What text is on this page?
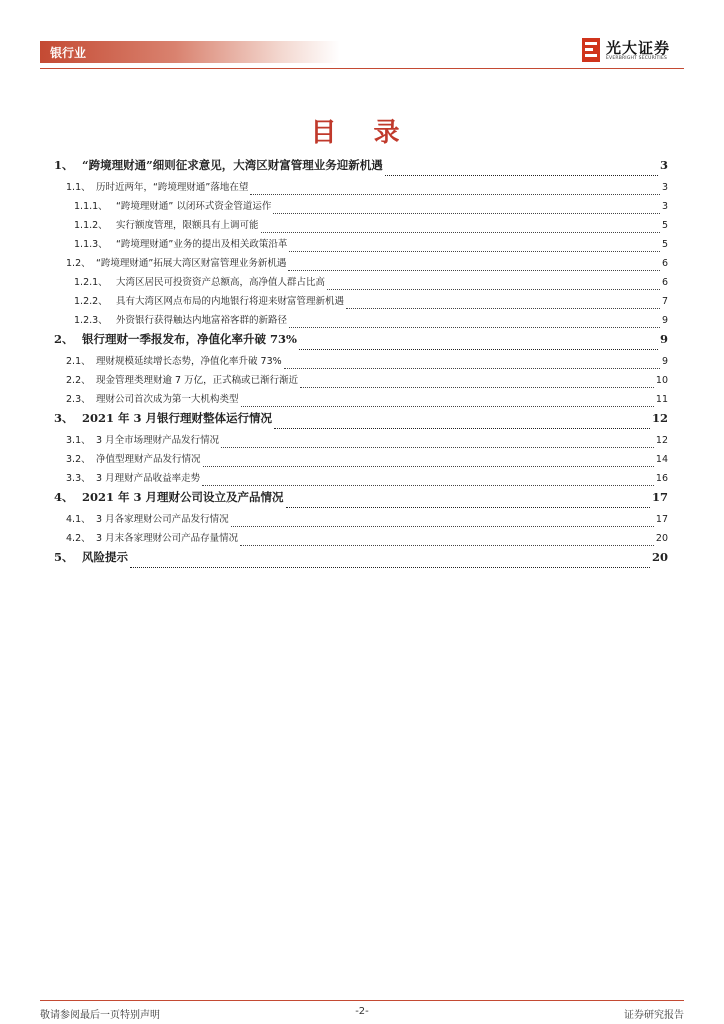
银行业	光大证券
EVERBRIGHT SECURITIES
目 录
1、 “跨境理财通”细则征求意见，大湾区财富管理业务迎新机遇	3
1.1、 历时近两年，“跨境理财通”落地在望	3
1.1.1、 “跨境理财通” 以闭环式资金管道运作	3
1.1.2、 实行额度管理，限额具有上调可能	5
1.1.3、 “跨境理财通”业务的提出及相关政策沿革	5
1.2、 “跨境理财通”拓展大湾区财富管理业务新机遇	6
1.2.1、 大湾区居民可投资资产总额高，高净值人群占比高	6
1.2.2、 具有大湾区网点布局的内地银行将迎来财富管理新机遇	7
1.2.3、 外资银行获得触达内地富裕客群的新路径	9
2、 银行理财一季报发布，净值化率升破 73%	9
2.1、 理财规模延续增长态势，净值化率升破 73%	9
2.2、 现金管理类理财逾 7 万亿，正式稿或已渐行渐近	10
2.3、 理财公司首次成为第一大机构类型	11
3、 2021 年 3 月银行理财整体运行情况	12
3.1、 3 月全市场理财产品发行情况	12
3.2、 净值型理财产品发行情况	14
3.3、 3 月理财产品收益率走势	16
4、 2021 年 3 月理财公司设立及产品情况	17
4.1、 3 月各家理财公司产品发行情况	17
4.2、 3 月末各家理财公司产品存量情况	20
5、 风险提示	20
敬请参阅最后一页特别声明	-2-	证券研究报告
